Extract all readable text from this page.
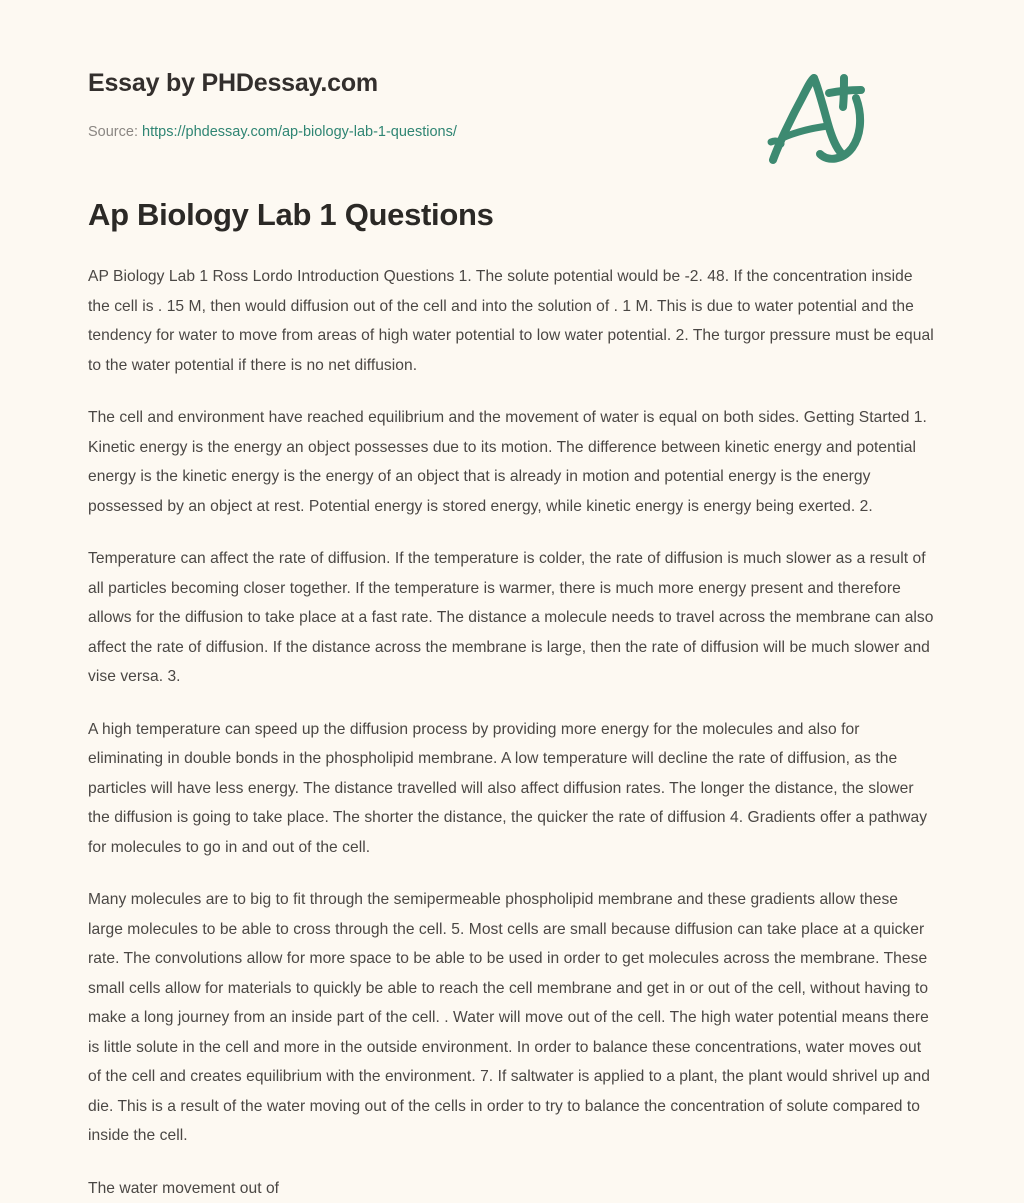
Essay by PHDessay.com
Source: https://phdessay.com/ap-biology-lab-1-questions/
Ap Biology Lab 1 Questions

AP Biology Lab 1 Ross Lordo Introduction Questions 1. The solute potential would be -2. 48. If the concentration inside the cell is . 15 M, then would diffusion out of the cell and into the solution of . 1 M. This is due to water potential and the tendency for water to move from areas of high water potential to low water potential. 2. The turgor pressure must be equal to the water potential if there is no net diffusion.

The cell and environment have reached equilibrium and the movement of water is equal on both sides. Getting Started 1. Kinetic energy is the energy an object possesses due to its motion. The difference between kinetic energy and potential energy is the kinetic energy is the energy of an object that is already in motion and potential energy is the energy possessed by an object at rest. Potential energy is stored energy, while kinetic energy is energy being exerted. 2.

Temperature can affect the rate of diffusion. If the temperature is colder, the rate of diffusion is much slower as a result of all particles becoming closer together. If the temperature is warmer, there is much more energy present and therefore allows for the diffusion to take place at a fast rate. The distance a molecule needs to travel across the membrane can also affect the rate of diffusion. If the distance across the membrane is large, then the rate of diffusion will be much slower and vise versa. 3.

A high temperature can speed up the diffusion process by providing more energy for the molecules and also for eliminating in double bonds in the phospholipid membrane. A low temperature will decline the rate of diffusion, as the particles will have less energy. The distance travelled will also affect diffusion rates. The longer the distance, the slower the diffusion is going to take place. The shorter the distance, the quicker the rate of diffusion 4. Gradients offer a pathway for molecules to go in and out of the cell.

Many molecules are to big to fit through the semipermeable phospholipid membrane and these gradients allow these large molecules to be able to cross through the cell. 5. Most cells are small because diffusion can take place at a quicker rate. The convolutions allow for more space to be able to be used in order to get molecules across the membrane. These small cells allow for materials to quickly be able to reach the cell membrane and get in or out of the cell, without having to make a long journey from an inside part of the cell. . Water will move out of the cell. The high water potential means there is little solute in the cell and more in the outside environment. In order to balance these concentrations, water moves out of the cell and creates equilibrium with the environment. 7. If saltwater is applied to a plant, the plant would shrivel up and die. This is a result of the water moving out of the cells in order to try to balance the concentration of solute compared to inside the cell.

The water movement out of
